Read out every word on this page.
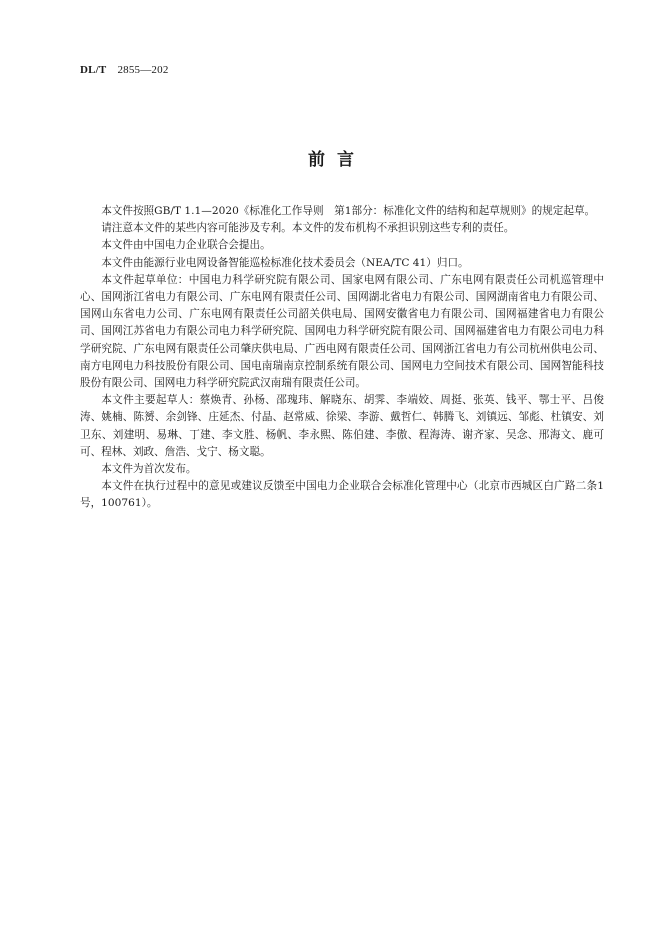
DL/T 2855—202
前言

本文件按照GB/T 1.1—2020《标准化工作导则　第1部分：标准化文件的结构和起草规则》的规定起草。

请注意本文件的某些内容可能涉及专利。本文件的发布机构不承担识别这些专利的责任。

本文件由中国电力企业联合会提出。

本文件由能源行业电网设备智能巡检标准化技术委员会（NEA/TC 41）归口。

本文件起草单位：中国电力科学研究院有限公司、国家电网有限公司、广东电网有限责任公司机巡管理中心、国网浙江省电力有限公司、广东电网有限责任公司、国网湖北省电力有限公司、国网湖南省电力有限公司、国网山东省电力公司、广东电网有限责任公司韶关供电局、国网安徽省电力有限公司、国网福建省电力有限公司、国网江苏省电力有限公司电力科学研究院、国网电力科学研究院有限公司、国网福建省电力有限公司电力科学研究院、广东电网有限责任公司肇庆供电局、广西电网有限责任公司、国网浙江省电力有公司杭州供电公司、南方电网电力科技股份有限公司、国电南瑞南京控制系统有限公司、国网电力空间技术有限公司、国网智能科技股份有限公司、国网电力科学研究院武汉南瑞有限责任公司。

本文件主要起草人：蔡焕青、孙杨、邵瑰玮、解晓东、胡霁、李端姣、周挺、张英、钱平、鄂士平、吕俊涛、姚楠、陈赟、余剑锋、庄延杰、付晶、赵常威、徐梁、李游、戴哲仁、韩腾飞、刘镇远、邹彪、杜镇安、刘卫东、刘建明、易琳、丁建、李文胜、杨帆、李永熙、陈伯建、李傲、程海涛、谢齐家、吴念、邢海文、鹿可可、程林、刘政、詹浩、戈宁、杨文聪。

本文件为首次发布。

本文件在执行过程中的意见或建议反馈至中国电力企业联合会标准化管理中心（北京市西城区白广路二条1号，100761）。
